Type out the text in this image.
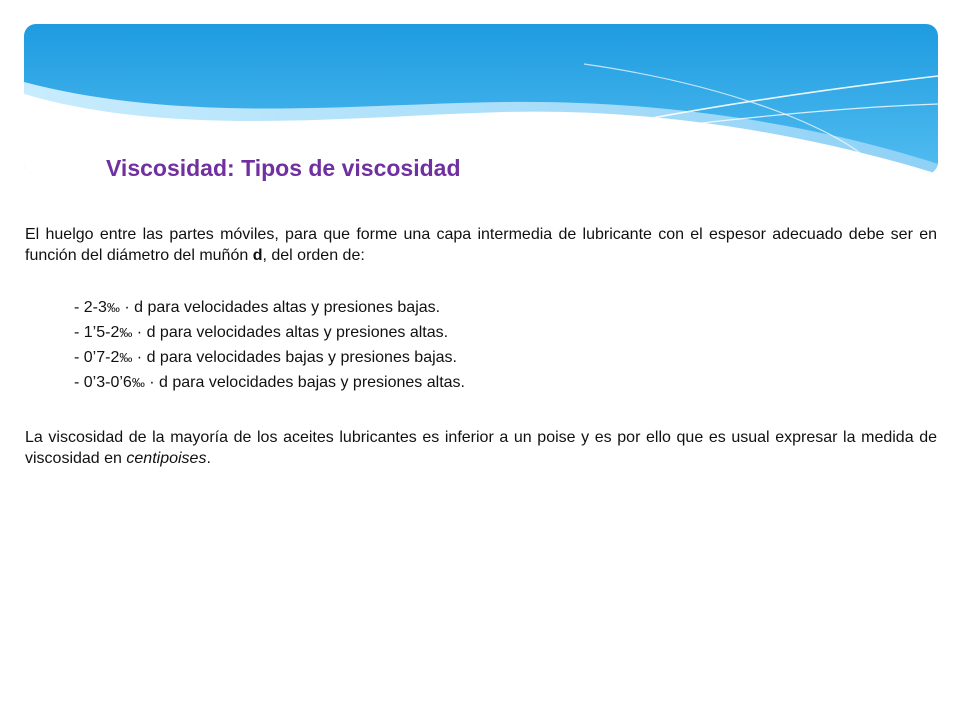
Viscosidad: Tipos de viscosidad
El huelgo entre las partes móviles, para que forme una capa intermedia de lubricante con el espesor adecuado debe ser en función del diámetro del muñón d, del orden de:
- 2-3‰ · d para velocidades altas y presiones bajas.
- 1’5-2‰ · d para velocidades altas y presiones altas.
- 0’7-2‰ · d para velocidades bajas y presiones bajas.
- 0’3-0’6‰ · d para velocidades bajas y presiones altas.
La viscosidad de la mayoría de los aceites lubricantes es inferior a un poise y es por ello que es usual expresar la medida de viscosidad en centipoises.
